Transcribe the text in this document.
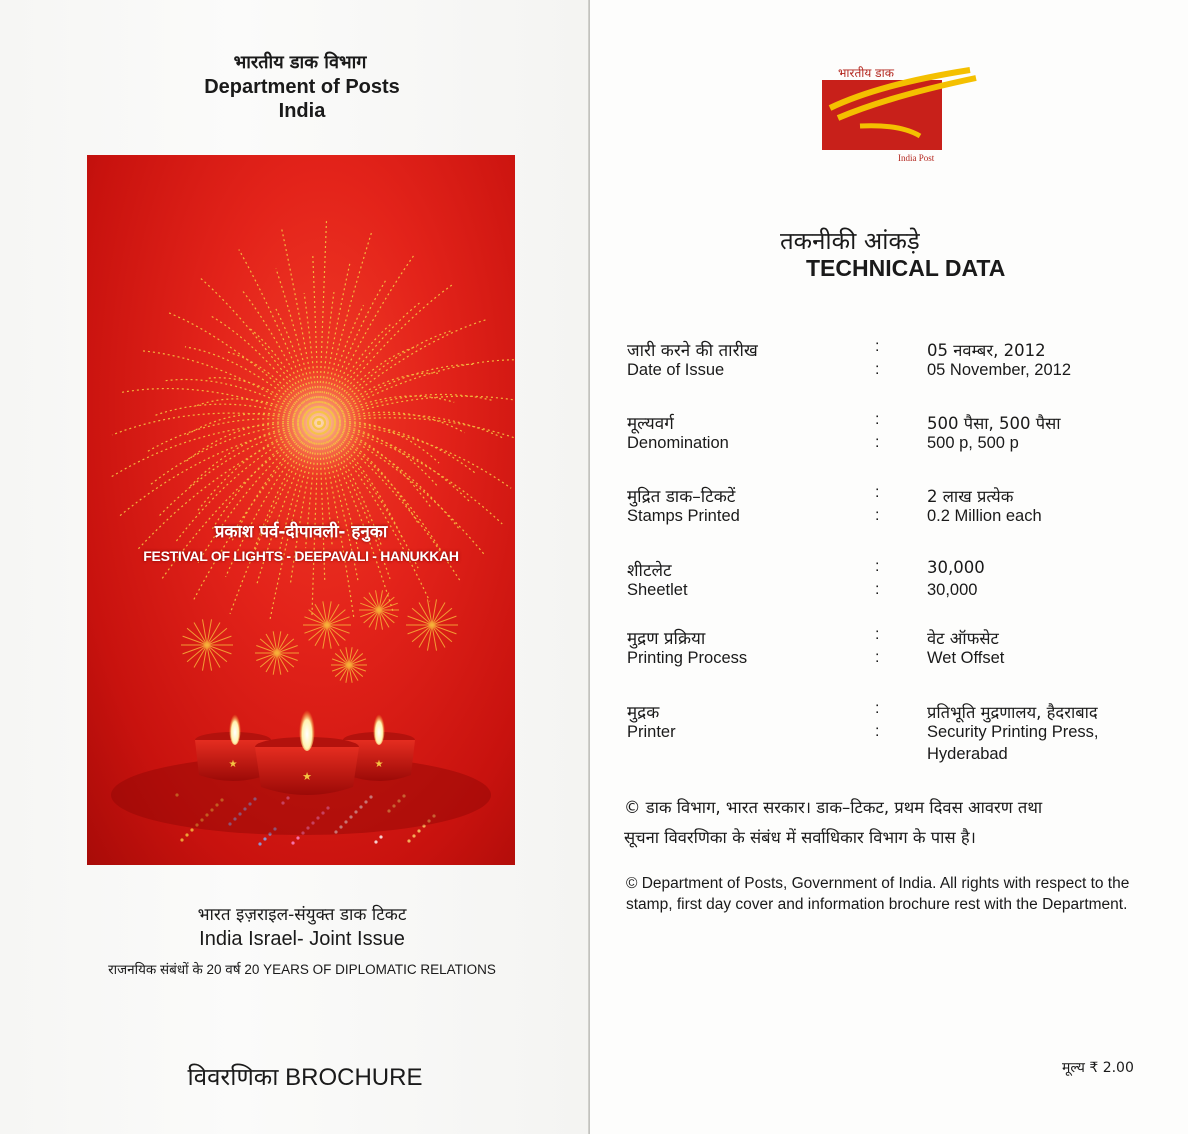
भारतीय डाक विभाग
Department of Posts
India
★	★
★
प्रकाश पर्व-दीपावली- हनुका
FESTIVAL OF LIGHTS - DEEPAVALI - HANUKKAH
भारत इज़राइल-संयुक्त डाक टिकट
India Israel- Joint Issue
राजनयिक संबंधों के 20 वर्ष 20 YEARS OF DIPLOMATIC RELATIONS
विवरणिका BROCHURE
भारतीय डाक
India Post
तकनीकी आंकड़े
TECHNICAL DATA
जारी करने की तारीख
Date of Issue
:
:
05 नवम्बर, 2012
05 November, 2012
मूल्यवर्ग
Denomination
:
:
500 पैसा, 500 पैसा
500 p, 500 p
मुद्रित डाक–टिकटें
Stamps Printed
:
:
2 लाख प्रत्येक
0.2 Million each
शीटलेट
Sheetlet
:
:
30,000
30,000
मुद्रण प्रक्रिया
Printing Process
:
:
वेट ऑफसेट
Wet Offset
मुद्रक
Printer
:
:
प्रतिभूति मुद्रणालय, हैदराबाद
Security Printing Press,
Hyderabad
© डाक विभाग, भारत सरकार। डाक–टिकट, प्रथम दिवस आवरण तथा
सूचना विवरणिका के संबंध में सर्वाधिकार विभाग के पास है।
© Department of Posts, Government of India. All rights with respect to the stamp, first day cover and information brochure rest with the Department.
मूल्य ₹ 2.00
